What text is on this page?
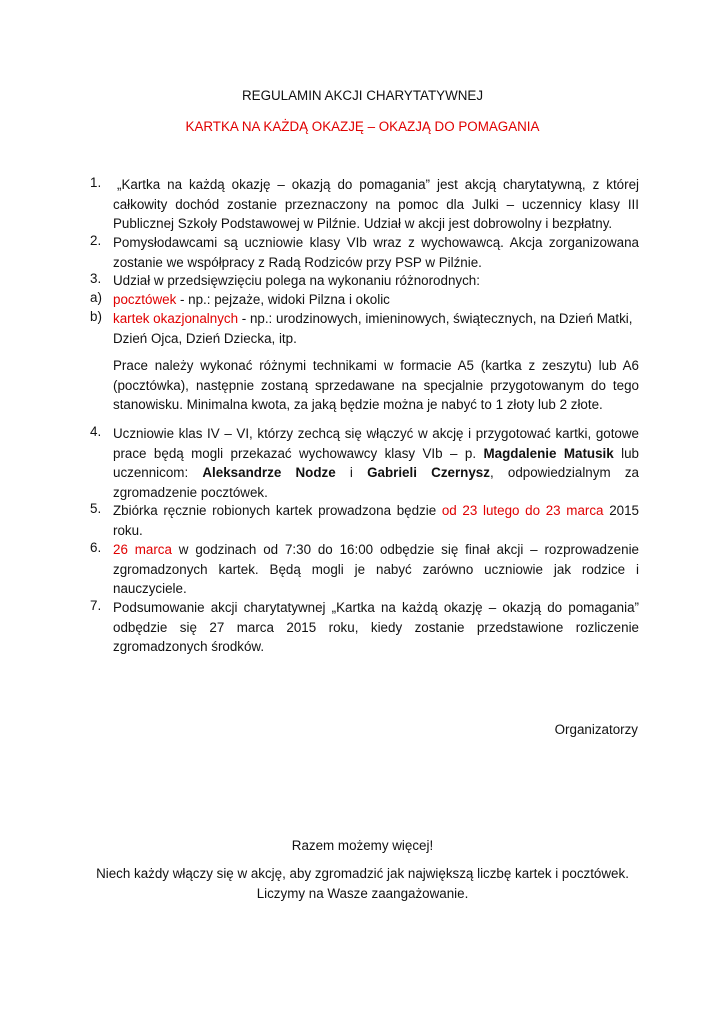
REGULAMIN AKCJI CHARYTATYWNEJ
KARTKA NA KAŻDĄ OKAZJĘ – OKAZJĄ DO POMAGANIA
1.	„Kartka na każdą okazję – okazją do pomagania” jest akcją charytatywną, z której całkowity dochód zostanie przeznaczony na pomoc dla Julki – uczennicy klasy III Publicznej Szkoły Podstawowej w Pilźnie. Udział w akcji jest dobrowolny i bezpłatny.
2. Pomysłodawcami są uczniowie klasy VIb wraz z wychowawcą. Akcja zorganizowana zostanie we współpracy z Radą Rodziców przy PSP w Pilźnie.
3. Udział w przedsięwzięciu polega na wykonaniu różnorodnych:
a) pocztówek - np.: pejzaże, widoki Pilzna i okolic
b) kartek okazjonalnych - np.: urodzinowych, imieninowych, świątecznych, na Dzień Matki, Dzień Ojca, Dzień Dziecka, itp.
Prace należy wykonać różnymi technikami w formacie A5 (kartka z zeszytu) lub A6 (pocztówka), następnie zostaną sprzedawane na specjalnie przygotowanym do tego stanowisku. Minimalna kwota, za jaką będzie można je nabyć to 1 złoty lub 2 złote.
4. Uczniowie klas IV – VI, którzy zechcą się włączyć w akcję i przygotować kartki, gotowe prace będą mogli przekazać wychowawcy klasy VIb – p. Magdalenie Matusik lub uczennicom: Aleksandrze Nodze i Gabrieli Czernysz, odpowiedzialnym za zgromadzenie pocztówek.
5. Zbiórka ręcznie robionych kartek prowadzona będzie od 23 lutego do 23 marca 2015 roku.
6. 26 marca w godzinach od 7:30 do 16:00 odbędzie się finał akcji – rozprowadzenie zgromadzonych kartek. Będą mogli je nabyć zarówno uczniowie jak rodzice i nauczyciele.
7. Podsumowanie akcji charytatywnej „Kartka na każdą okazję – okazją do pomagania” odbędzie się 27 marca 2015 roku, kiedy zostanie przedstawione rozliczenie zgromadzonych środków.
Organizatorzy
Razem możemy więcej!
Niech każdy włączy się w akcję, aby zgromadzić jak największą liczbę kartek i pocztówek.
Liczymy na Wasze zaangażowanie.
